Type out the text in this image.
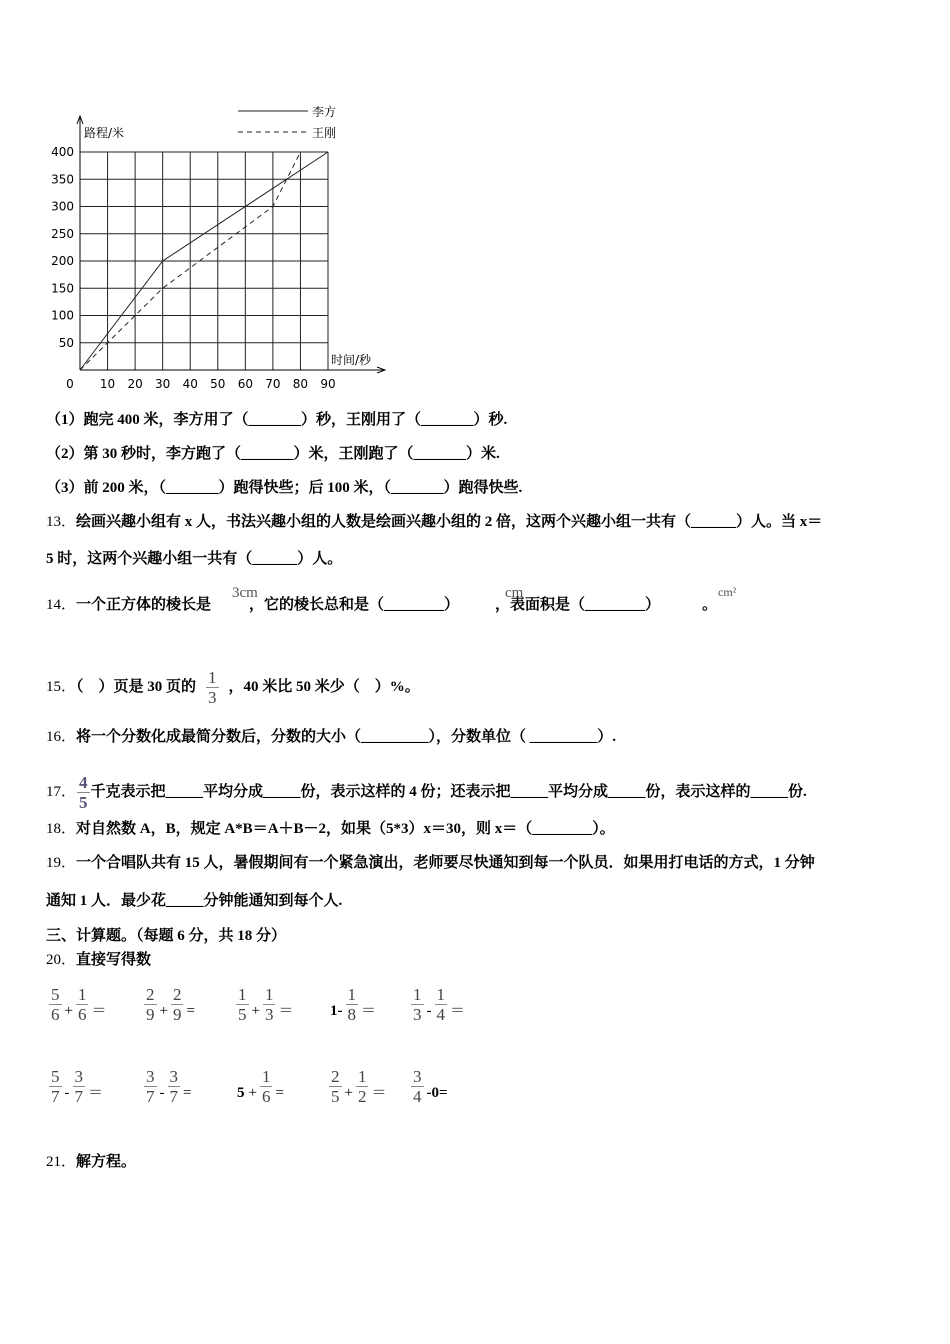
50
100
150
200
250
300
350
400
0 10 20 30 40 50 60 70 80 90
路程/米
时间/秒
李方
王刚
（1）跑完 400 米，李方用了（_______）秒，王刚用了（_______）秒.
（2）第 30 秒时，李方跑了（_______）米，王刚跑了（_______）米.
（3）前 200 米，（_______）跑得快些；后 100 米，（_______）跑得快些.
13．绘画兴趣小组有 x 人，书法兴趣小组的人数是绘画兴趣小组的 2 倍，这两个兴趣小组一共有（______）人。当 x＝
5 时，这两个兴趣小组一共有（______）人。
14．一个正方体的棱长是	，它的棱长总和是（________） ，表面积是（________）	。
3cm	cm	cm²
15．（　）页是 30 页的 $\frac{1}{3}$ ，40 米比 50 米少（　）%。
16．将一个分数化成最简分数后，分数的大小（_________），分数单位（ _________）.
17． $\frac{4}{5}$ 千克表示把_____平均分成_____份，表示这样的 4 份；还表示把_____平均分成_____份，表示这样的_____份.
18．对自然数 A，B，规定 A*B＝A＋B－2，如果（5*3）x＝30，则 x＝（________）。
19．一个合唱队共有 15 人，暑假期间有一个紧急演出，老师要尽快通知到每一个队员．如果用打电话的方式，1 分钟
通知 1 人．最少花_____分钟能通知到每个人.
三、计算题。（每题 6 分，共 18 分）
20．直接写得数
$\frac{5}{6} + \frac{1}{6} = \frac{2}{9} + \frac{2}{9} = \frac{1}{5} + \frac{1}{3} = 1- \frac{1}{8} = \frac{1}{3} - \frac{1}{4}$ ＝
$\frac{5}{7} - \frac{3}{7} = \frac{3}{7} - \frac{3}{7}$ =	$5 + \frac{1}{6}$ =	$\frac{2}{5} + \frac{1}{2} = \frac{3}{4} -0=$
21．解方程。
